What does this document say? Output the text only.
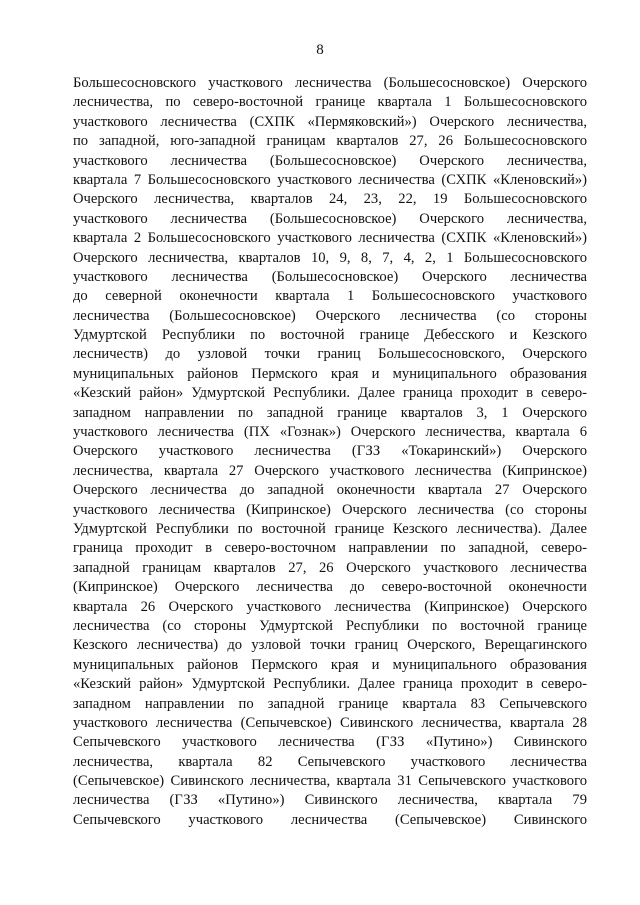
8
Большесосновского участкового лесничества (Большесосновское) Очерского
лесничества, по северо-восточной границе квартала 1 Большесосновского
участкового лесничества (СХПК «Пермяковский») Очерского лесничества,
по западной, юго-западной границам кварталов 27, 26 Большесосновского
участкового лесничества (Большесосновское) Очерского лесничества,
квартала 7 Большесосновского участкового лесничества (СХПК «Кленовский»)
Очерского лесничества, кварталов 24, 23, 22, 19 Большесосновского
участкового лесничества (Большесосновское) Очерского лесничества,
квартала 2 Большесосновского участкового лесничества (СХПК «Кленовский»)
Очерского лесничества, кварталов 10, 9, 8, 7, 4, 2, 1 Большесосновского
участкового лесничества (Большесосновское) Очерского лесничества
до северной оконечности квартала 1 Большесосновского участкового
лесничества (Большесосновское) Очерского лесничества (со стороны
Удмуртской Республики по восточной границе Дебесского и Кезского
лесничеств) до узловой точки границ Большесосновского, Очерского
муниципальных районов Пермского края и муниципального образования
«Кезский район» Удмуртской Республики. Далее граница проходит в северо-
западном направлении по западной границе кварталов 3, 1 Очерского
участкового лесничества (ПХ «Гознак») Очерского лесничества, квартала 6
Очерского участкового лесничества (ГЗЗ «Токаринский») Очерского
лесничества, квартала 27 Очерского участкового лесничества (Кипринское)
Очерского лесничества до западной оконечности квартала 27 Очерского
участкового лесничества (Кипринское) Очерского лесничества (со стороны
Удмуртской Республики по восточной границе Кезского лесничества). Далее
граница проходит в северо-восточном направлении по западной, северо-
западной границам кварталов 27, 26 Очерского участкового лесничества
(Кипринское) Очерского лесничества до северо-восточной оконечности
квартала 26 Очерского участкового лесничества (Кипринское) Очерского
лесничества (со стороны Удмуртской Республики по восточной границе
Кезского лесничества) до узловой точки границ Очерского, Верещагинского
муниципальных районов Пермского края и муниципального образования
«Кезский район» Удмуртской Республики. Далее граница проходит в северо-
западном направлении по западной границе квартала 83 Сепычевского
участкового лесничества (Сепычевское) Сивинского лесничества, квартала 28
Сепычевского участкового лесничества (ГЗЗ «Путино») Сивинского
лесничества, квартала 82 Сепычевского участкового лесничества
(Сепычевское) Сивинского лесничества, квартала 31 Сепычевского участкового
лесничества (ГЗЗ «Путино») Сивинского лесничества, квартала 79
Сепычевского участкового лесничества (Сепычевское) Сивинского
